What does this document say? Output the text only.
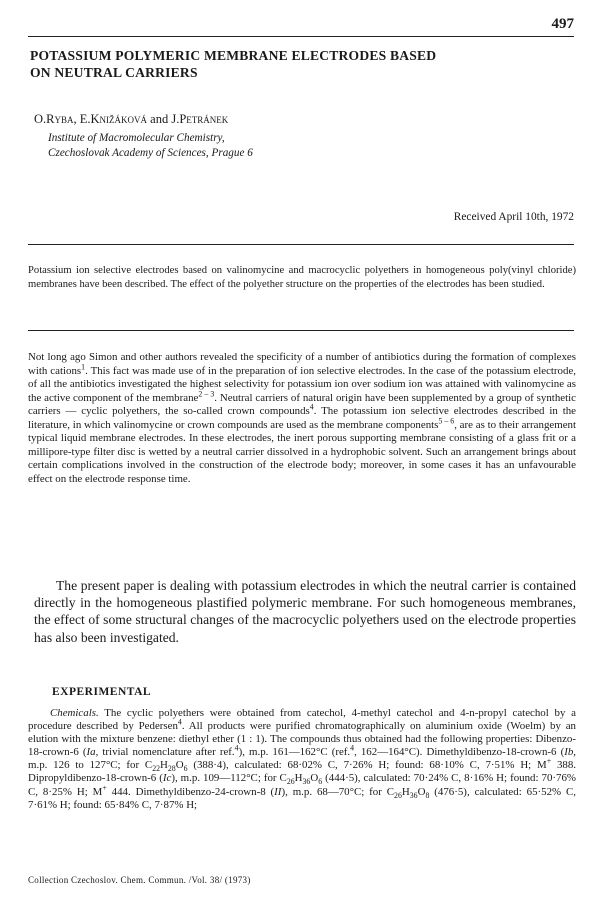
497
POTASSIUM POLYMERIC MEMBRANE ELECTRODES BASED
ON NEUTRAL CARRIERS
O.Ryba, E.Knižáková and J.Petránek
Institute of Macromolecular Chemistry,
Czechoslovak Academy of Sciences, Prague 6
Received April 10th, 1972

Potassium ion selective electrodes based on valinomycine and macrocyclic polyethers in homogeneous poly(vinyl chloride) membranes have been described. The effect of the polyether structure on the properties of the electrodes has been studied.

Not long ago Simon and other authors revealed the specificity of a number of antibiotics during the formation of complexes with cations$^1$. This fact was made use of in the preparation of ion selective electrodes. In the case of the potassium electrode, of all the antibiotics investigated the highest selectivity for potassium ion over sodium ion was attained with valinomycine as the active component of the membrane$^{2 - 3}$. Neutral carriers of natural origin have been supplemented by a group of synthetic carriers — cyclic polyethers, the so-called crown compounds$^4$. The potassium ion selective electrodes described in the literature, in which valinomycine or crown compounds are used as the membrane components$^{5 - 6}$, are as to their arrangement typical liquid membrane electrodes. In these electrodes, the inert porous supporting membrane consisting of a glass frit or a millipore-type filter disc is wetted by a neutral carrier dissolved in a hydrophobic solvent. Such an arrangement brings about certain complications involved in the construction of the electrode body; moreover, in some cases it has an unfavourable effect on the electrode response time.

The present paper is dealing with potassium electrodes in which the neutral carrier is contained directly in the homogeneous plastified polymeric membrane. For such homogeneous membranes, the effect of some structural changes of the macrocyclic polyethers used on the electrode properties has also been investigated.

EXPERIMENTAL

Chemicals. The cyclic polyethers were obtained from catechol, 4-methyl catechol and 4-n-propyl catechol by a procedure described by Pedersen$^4$. All products were purified chromatographically on aluminium oxide (Woelm) by an elution with the mixture benzene: diethyl ether (1 : 1). The compounds thus obtained had the following properties: Dibenzo-18-crown-6 (Ia, trivial nomenclature after ref.$^4$), m.p. 161—162°C (ref.$^4$, 162—164°C). Dimethyldibenzo-18-crown-6 (Ib, m.p. 126 to 127°C; for $C_{22}H_{28}O_6$ (388·4), calculated: 68·02% C, 7·26% H; found: 68·10% C, 7·51% H; M+ 388. Dipropyldibenzo-18-crown-6 (Ic), m.p. 109—112°C; for $C_{26}H_{36}O_6$ (444·5), calculated: 70·24% C, 8·16% H; found: 70·76% C, 8·25% H; M+ 444. Dimethyldibenzo-24-crown-8 (II), m.p. 68—70°C; for $C_{26}H_{36}O_8$ (476·5), calculated: 65·52% C, 7·61% H; found: 65·84% C, 7·87% H;

Collection Czechoslov. Chem. Commun. /Vol. 38/ (1973)
